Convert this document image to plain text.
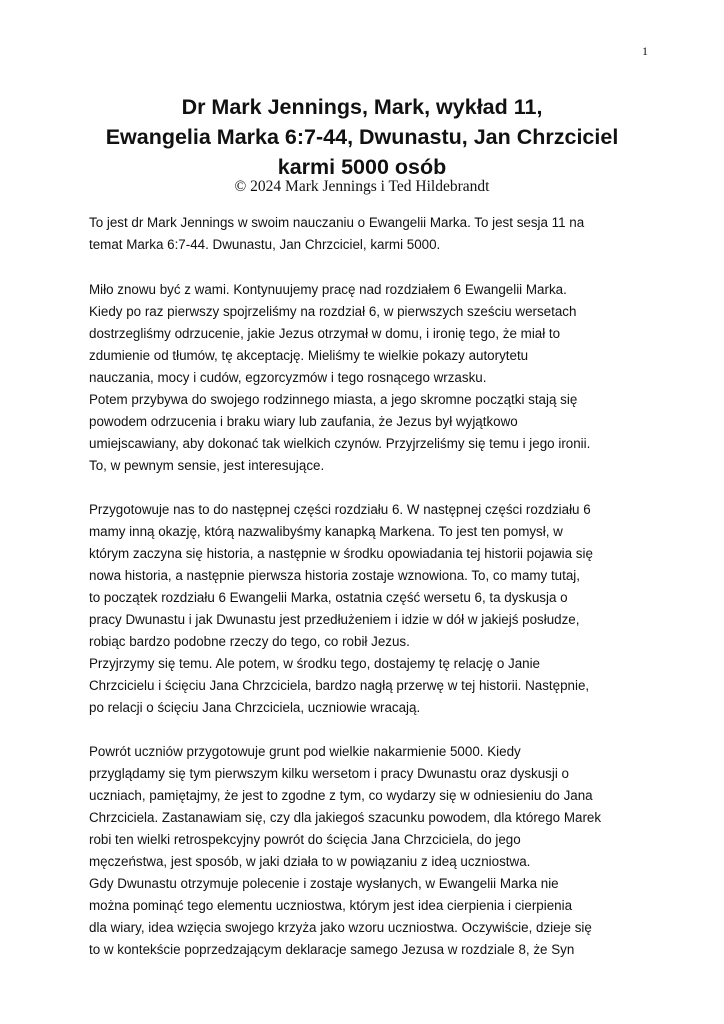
1
Dr Mark Jennings, Mark, wykład 11,
Ewangelia Marka 6:7-44, Dwunastu, Jan Chrzciciel
karmi 5000 osób
© 2024 Mark Jennings i Ted Hildebrandt
To jest dr Mark Jennings w swoim nauczaniu o Ewangelii Marka. To jest sesja 11 na
temat Marka 6:7-44. Dwunastu, Jan Chrzciciel, karmi 5000.
Miło znowu być z wami. Kontynuujemy pracę nad rozdziałem 6 Ewangelii Marka.
Kiedy po raz pierwszy spojrzeliśmy na rozdział 6, w pierwszych sześciu wersetach
dostrzegliśmy odrzucenie, jakie Jezus otrzymał w domu, i ironię tego, że miał to
zdumienie od tłumów, tę akceptację. Mieliśmy te wielkie pokazy autorytetu
nauczania, mocy i cudów, egzorcyzmów i tego rosnącego wrzasku.
Potem przybywa do swojego rodzinnego miasta, a jego skromne początki stają się
powodem odrzucenia i braku wiary lub zaufania, że Jezus był wyjątkowo
umiejscawiany, aby dokonać tak wielkich czynów. Przyjrzeliśmy się temu i jego ironii.
To, w pewnym sensie, jest interesujące.
Przygotowuje nas to do następnej części rozdziału 6. W następnej części rozdziału 6
mamy inną okazję, którą nazwalibyśmy kanapką Markena. To jest ten pomysł, w
którym zaczyna się historia, a następnie w środku opowiadania tej historii pojawia się
nowa historia, a następnie pierwsza historia zostaje wznowiona. To, co mamy tutaj,
to początek rozdziału 6 Ewangelii Marka, ostatnia część wersetu 6, ta dyskusja o
pracy Dwunastu i jak Dwunastu jest przedłużeniem i idzie w dół w jakiejś posłudze,
robiąc bardzo podobne rzeczy do tego, co robił Jezus.
Przyjrzymy się temu. Ale potem, w środku tego, dostajemy tę relację o Janie
Chrzcicielu i ścięciu Jana Chrzciciela, bardzo nagłą przerwę w tej historii. Następnie,
po relacji o ścięciu Jana Chrzciciela, uczniowie wracają.
Powrót uczniów przygotowuje grunt pod wielkie nakarmienie 5000. Kiedy
przyglądamy się tym pierwszym kilku wersetom i pracy Dwunastu oraz dyskusji o
uczniach, pamiętajmy, że jest to zgodne z tym, co wydarzy się w odniesieniu do Jana
Chrzciciela. Zastanawiam się, czy dla jakiegoś szacunku powodem, dla którego Marek
robi ten wielki retrospekcyjny powrót do ścięcia Jana Chrzciciela, do jego
męczeństwa, jest sposób, w jaki działa to w powiązaniu z ideą uczniostwa.
Gdy Dwunastu otrzymuje polecenie i zostaje wysłanych, w Ewangelii Marka nie
można pominąć tego elementu uczniostwa, którym jest idea cierpienia i cierpienia
dla wiary, idea wzięcia swojego krzyża jako wzoru uczniostwa. Oczywiście, dzieje się
to w kontekście poprzedzającym deklaracje samego Jezusa w rozdziale 8, że Syn
